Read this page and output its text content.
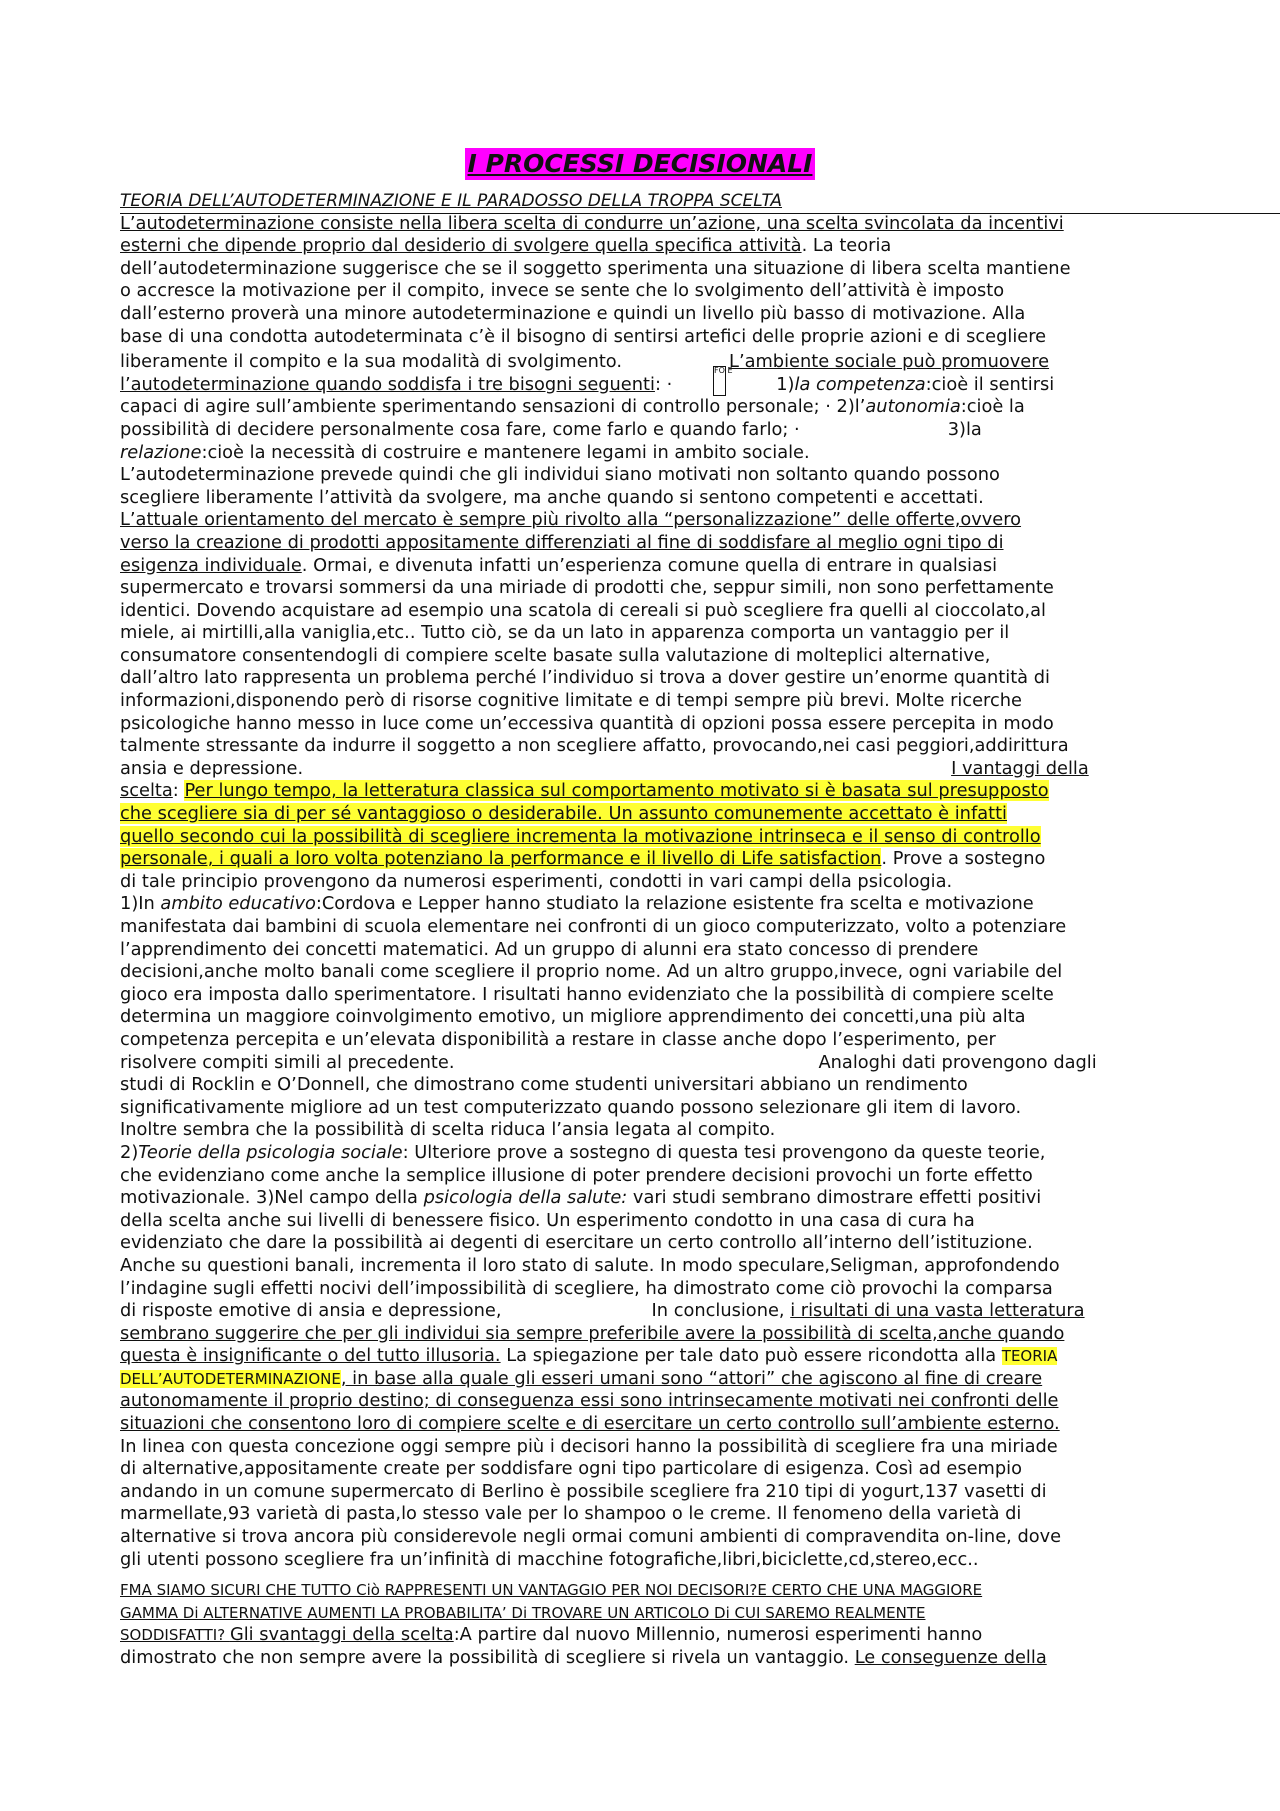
I PROCESSI DECISIONALI
TEORIA DELL’AUTODETERMINAZIONE E IL PARADOSSO DELLA TROPPA SCELTA
L’autodeterminazione consiste nella libera scelta di condurre un’azione, una scelta svincolata da incentivi
esterni che dipende proprio dal desiderio di svolgere quella specifica attività. La teoria
dell’autodeterminazione suggerisce che se il soggetto sperimenta una situazione di libera scelta mantiene
o accresce la motivazione per il compito, invece se sente che lo svolgimento dell’attività è imposto
dall’esterno proverà una minore autodeterminazione e quindi un livello più basso di motivazione. Alla
base di una condotta autodeterminata c’è il bisogno di sentirsi artefici delle proprie azioni e di scegliere
liberamente il compito e la sua modalità di svolgimento.	FO EL’ambiente sociale può promuovere
l’autodeterminazione quando soddisfa i tre bisogni seguenti: ·	1)la competenza:cioè il sentirsi
capaci di agire sull’ambiente sperimentando sensazioni di controllo personale; · 2)l’autonomia:cioè la
possibilità di decidere personalmente cosa fare, come farlo e quando farlo; ·	3)la
relazione:cioè la necessità di costruire e mantenere legami in ambito sociale.
L’autodeterminazione prevede quindi che gli individui siano motivati non soltanto quando possono
scegliere liberamente l’attività da svolgere, ma anche quando si sentono competenti e accettati.
L’attuale orientamento del mercato è sempre più rivolto alla “personalizzazione” delle offerte,ovvero
verso la creazione di prodotti appositamente differenziati al fine di soddisfare al meglio ogni tipo di
esigenza individuale. Ormai, e divenuta infatti un’esperienza comune quella di entrare in qualsiasi
supermercato e trovarsi sommersi da una miriade di prodotti che, seppur simili, non sono perfettamente
identici. Dovendo acquistare ad esempio una scatola di cereali si può scegliere fra quelli al cioccolato,al
miele, ai mirtilli,alla vaniglia,etc.. Tutto ciò, se da un lato in apparenza comporta un vantaggio per il
consumatore consentendogli di compiere scelte basate sulla valutazione di molteplici alternative,
dall’altro lato rappresenta un problema perché l’individuo si trova a dover gestire un’enorme quantità di
informazioni,disponendo però di risorse cognitive limitate e di tempi sempre più brevi. Molte ricerche
psicologiche hanno messo in luce come un’eccessiva quantità di opzioni possa essere percepita in modo
talmente stressante da indurre il soggetto a non scegliere affatto, provocando,nei casi peggiori,addirittura
ansia e depressione.	I vantaggi della
scelta: Per lungo tempo, la letteratura classica sul comportamento motivato si è basata sul presupposto
che scegliere sia di per sé vantaggioso o desiderabile. Un assunto comunemente accettato è infatti
quello secondo cui la possibilità di scegliere incrementa la motivazione intrinseca e il senso di controllo
personale, i quali a loro volta potenziano la performance e il livello di Life satisfaction. Prove a sostegno
di tale principio provengono da numerosi esperimenti, condotti in vari campi della psicologia.
1)In ambito educativo:Cordova e Lepper hanno studiato la relazione esistente fra scelta e motivazione
manifestata dai bambini di scuola elementare nei confronti di un gioco computerizzato, volto a potenziare
l’apprendimento dei concetti matematici. Ad un gruppo di alunni era stato concesso di prendere
decisioni,anche molto banali come scegliere il proprio nome. Ad un altro gruppo,invece, ogni variabile del
gioco era imposta dallo sperimentatore. I risultati hanno evidenziato che la possibilità di compiere scelte
determina un maggiore coinvolgimento emotivo, un migliore apprendimento dei concetti,una più alta
competenza percepita e un’elevata disponibilità a restare in classe anche dopo l’esperimento, per
risolvere compiti simili al precedente.	Analoghi dati provengono dagli
studi di Rocklin e O’Donnell, che dimostrano come studenti universitari abbiano un rendimento
significativamente migliore ad un test computerizzato quando possono selezionare gli item di lavoro.
Inoltre sembra che la possibilità di scelta riduca l’ansia legata al compito.
2)Teorie della psicologia sociale: Ulteriore prove a sostegno di questa tesi provengono da queste teorie,
che evidenziano come anche la semplice illusione di poter prendere decisioni provochi un forte effetto
motivazionale. 3)Nel campo della psicologia della salute: vari studi sembrano dimostrare effetti positivi
della scelta anche sui livelli di benessere fisico. Un esperimento condotto in una casa di cura ha
evidenziato che dare la possibilità ai degenti di esercitare un certo controllo all’interno dell’istituzione.
Anche su questioni banali, incrementa il loro stato di salute. In modo speculare,Seligman, approfondendo
l’indagine sugli effetti nocivi dell’impossibilità di scegliere, ha dimostrato come ciò provochi la comparsa
di risposte emotive di ansia e depressione,	In conclusione, i risultati di una vasta letteratura
sembrano suggerire che per gli individui sia sempre preferibile avere la possibilità di scelta,anche quando
questa è insignificante o del tutto illusoria. La spiegazione per tale dato può essere ricondotta alla TEORIA
DELL’AUTODETERMINAZIONE, in base alla quale gli esseri umani sono “attori” che agiscono al fine di creare
autonomamente il proprio destino; di conseguenza essi sono intrinsecamente motivati nei confronti delle
situazioni che consentono loro di compiere scelte e di esercitare un certo controllo sull’ambiente esterno.
In linea con questa concezione oggi sempre più i decisori hanno la possibilità di scegliere fra una miriade
di alternative,appositamente create per soddisfare ogni tipo particolare di esigenza. Così ad esempio
andando in un comune supermercato di Berlino è possibile scegliere fra 210 tipi di yogurt,137 vasetti di
marmellate,93 varietà di pasta,lo stesso vale per lo shampoo o le creme. Il fenomeno della varietà di
alternative si trova ancora più considerevole negli ormai comuni ambienti di compravendita on-line, dove
gli utenti possono scegliere fra un’infinità di macchine fotografiche,libri,biciclette,cd,stereo,ecc..
FMA SIAMO SICURI CHE TUTTO Ciò RAPPRESENTI UN VANTAGGIO PER NOI DECISORI?E CERTO CHE UNA MAGGIORE
GAMMA Di ALTERNATIVE AUMENTI LA PROBABILITA’ Di TROVARE UN ARTICOLO Di CUI SAREMO REALMENTE
SODDISFATTI? Gli svantaggi della scelta:A partire dal nuovo Millennio, numerosi esperimenti hanno
dimostrato che non sempre avere la possibilità di scegliere si rivela un vantaggio. Le conseguenze della
